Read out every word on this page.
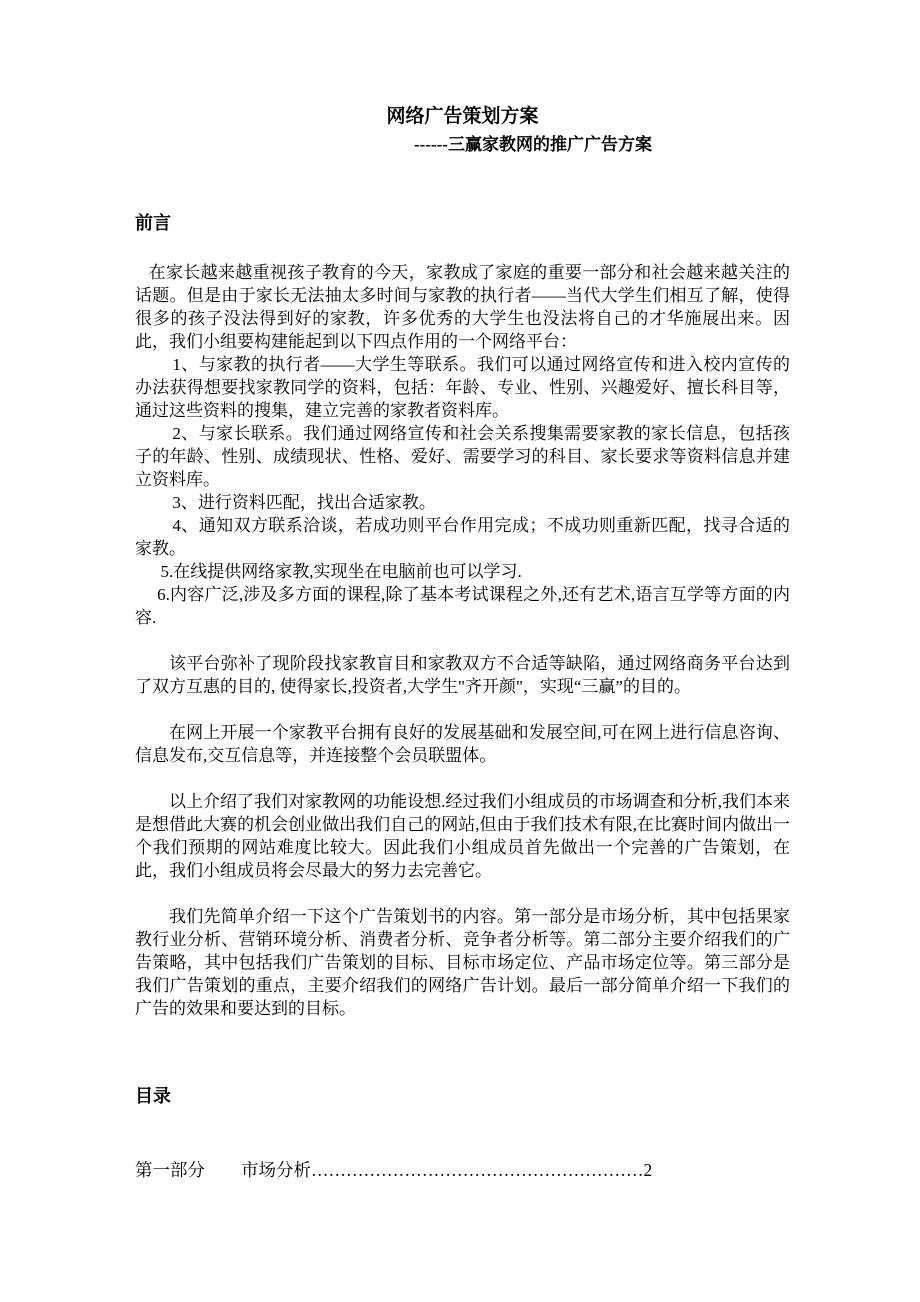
网络广告策划方案
------三赢家教网的推广广告方案
前言

在家长越来越重视孩子教育的今天，家教成了家庭的重要一部分和社会越来越关注的话题。但是由于家长无法抽太多时间与家教的执行者——当代大学生们相互了解，使得很多的孩子没法得到好的家教，许多优秀的大学生也没法将自己的才华施展出来。因此，我们小组要构建能起到以下四点作用的一个网络平台：

1、与家教的执行者——大学生等联系。我们可以通过网络宣传和进入校内宣传的办法获得想要找家教同学的资料，包括：年龄、专业、性别、兴趣爱好、擅长科目等，通过这些资料的搜集，建立完善的家教者资料库。

2、与家长联系。我们通过网络宣传和社会关系搜集需要家教的家长信息，包括孩子的年龄、性别、成绩现状、性格、爱好、需要学习的科目、家长要求等资料信息并建立资料库。

3、进行资料匹配，找出合适家教。

4、通知双方联系洽谈，若成功则平台作用完成；不成功则重新匹配，找寻合适的家教。

5.在线提供网络家教,实现坐在电脑前也可以学习.

6.内容广泛,涉及多方面的课程,除了基本考试课程之外,还有艺术,语言互学等方面的内容.

该平台弥补了现阶段找家教盲目和家教双方不合适等缺陷，通过网络商务平台达到了双方互惠的目的, 使得家长,投资者,大学生"齐开颜"，实现“三赢”的目的。

在网上开展一个家教平台拥有良好的发展基础和发展空间,可在网上进行信息咨询、信息发布,交互信息等，并连接整个会员联盟体。

以上介绍了我们对家教网的功能设想.经过我们小组成员的市场调查和分析,我们本来是想借此大赛的机会创业做出我们自己的网站,但由于我们技术有限,在比赛时间内做出一个我们预期的网站难度比较大。因此我们小组成员首先做出一个完善的广告策划，在此，我们小组成员将会尽最大的努力去完善它。

我们先简单介绍一下这个广告策划书的内容。第一部分是市场分析，其中包括果家教行业分析、营销环境分析、消费者分析、竞争者分析等。第二部分主要介绍我们的广告策略，其中包括我们广告策划的目标、目标市场定位、产品市场定位等。第三部分是我们广告策划的重点，主要介绍我们的网络广告计划。最后一部分简单介绍一下我们的广告的效果和要达到的目标。

目录
第一部分 市场分析…………………………………………………2
